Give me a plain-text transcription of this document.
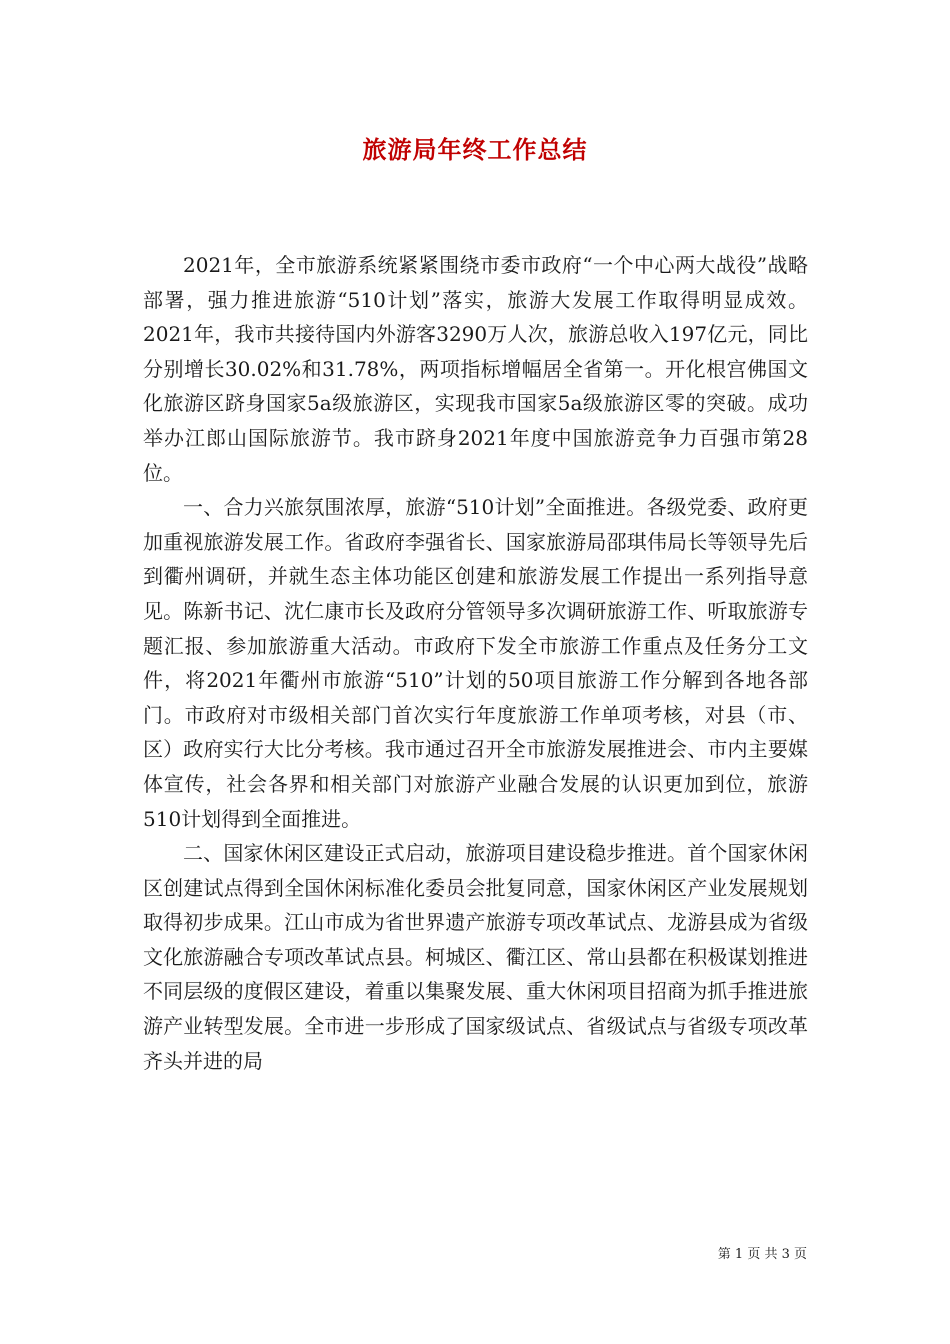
旅游局年终工作总结

2021年，全市旅游系统紧紧围绕市委市政府“一个中心两大战役”战略部署，强力推进旅游“510计划”落实，旅游大发展工作取得明显成效。2021年，我市共接待国内外游客3290万人次，旅游总收入197亿元，同比分别增长30.02%和31.78%，两项指标增幅居全省第一。开化根宫佛国文化旅游区跻身国家5a级旅游区，实现我市国家5a级旅游区零的突破。成功举办江郎山国际旅游节。我市跻身2021年度中国旅游竞争力百强市第28位。

一、合力兴旅氛围浓厚，旅游“510计划”全面推进。各级党委、政府更加重视旅游发展工作。省政府李强省长、国家旅游局邵琪伟局长等领导先后到衢州调研，并就生态主体功能区创建和旅游发展工作提出一系列指导意见。陈新书记、沈仁康市长及政府分管领导多次调研旅游工作、听取旅游专题汇报、参加旅游重大活动。市政府下发全市旅游工作重点及任务分工文件，将2021年衢州市旅游“510”计划的50项目旅游工作分解到各地各部门。市政府对市级相关部门首次实行年度旅游工作单项考核，对县（市、区）政府实行大比分考核。我市通过召开全市旅游发展推进会、市内主要媒体宣传，社会各界和相关部门对旅游产业融合发展的认识更加到位，旅游510计划得到全面推进。

二、国家休闲区建设正式启动，旅游项目建设稳步推进。首个国家休闲区创建试点得到全国休闲标准化委员会批复同意，国家休闲区产业发展规划取得初步成果。江山市成为省世界遗产旅游专项改革试点、龙游县成为省级文化旅游融合专项改革试点县。柯城区、衢江区、常山县都在积极谋划推进不同层级的度假区建设，着重以集聚发展、重大休闲项目招商为抓手推进旅游产业转型发展。全市进一步形成了国家级试点、省级试点与省级专项改革齐头并进的局

第 1 页 共 3 页
